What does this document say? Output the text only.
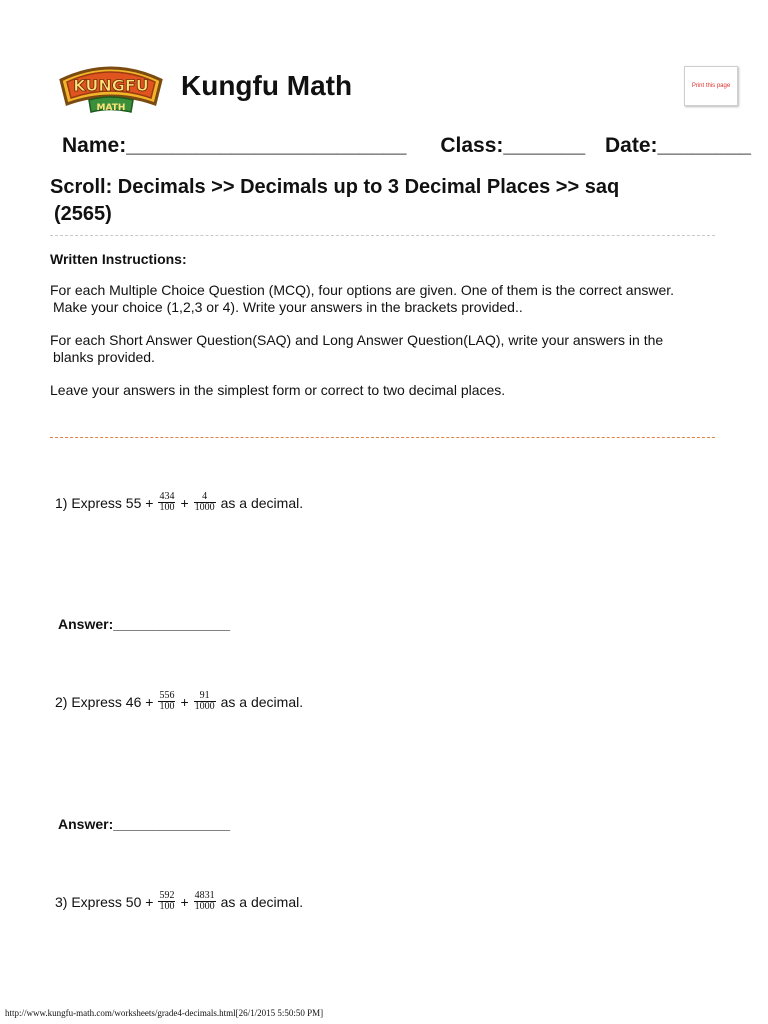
KUNGFU
MATH
Kungfu Math	Print this page
Name:________________________ Class:_______ Date:________
Scroll: Decimals >> Decimals up to 3 Decimal Places >> saq
(2565)
Written Instructions:
For each Multiple Choice Question (MCQ), four options are given. One of them is the correct answer.
Make your choice (1,2,3 or 4). Write your answers in the brackets provided..
For each Short Answer Question(SAQ) and Long Answer Question(LAQ), write your answers in the
blanks provided.
Leave your answers in the simplest form or correct to two decimal places.
1) Express $55 + \frac{434}{100} + \frac{4}{1000}$ as a decimal.
Answer:_______________
2) Express $46 + \frac{556}{100} + \frac{91}{1000}$ as a decimal.
Answer:_______________
3) Express $50 + \frac{592}{100} + \frac{4831}{1000}$ as a decimal.
http://www.kungfu-math.com/worksheets/grade4-decimals.html[26/1/2015 5:50:50 PM]
